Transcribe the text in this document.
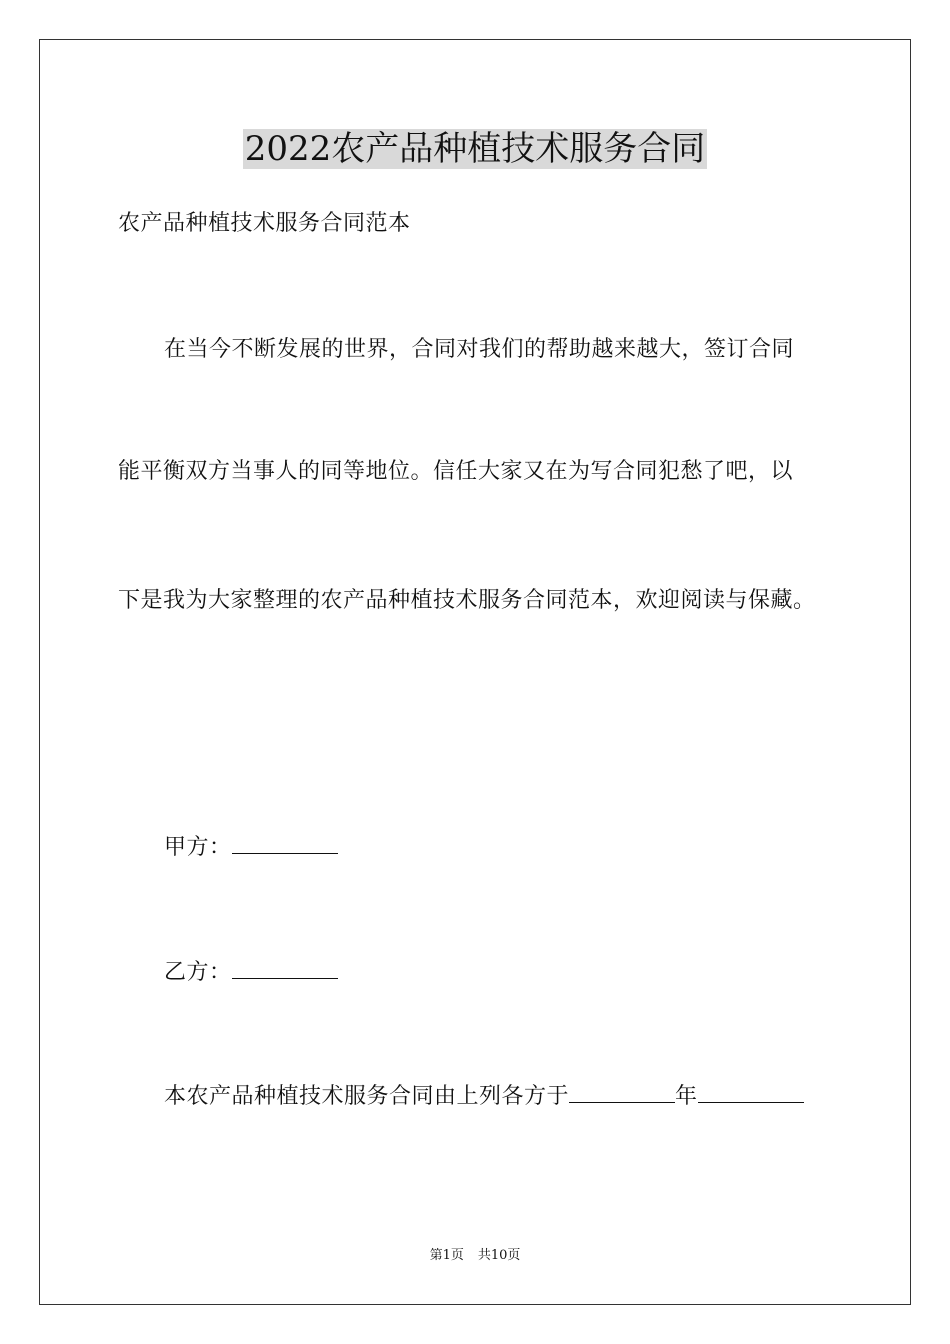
2022农产品种植技术服务合同
农产品种植技术服务合同范本
在当今不断发展的世界，合同对我们的帮助越来越大，签订合同
能平衡双方当事人的同等地位。信任大家又在为写合同犯愁了吧，以
下是我为大家整理的农产品种植技术服务合同范本，欢迎阅读与保藏。
甲方：
乙方：
本农产品种植技术服务合同由上列各方于	年
第1页 共10页
